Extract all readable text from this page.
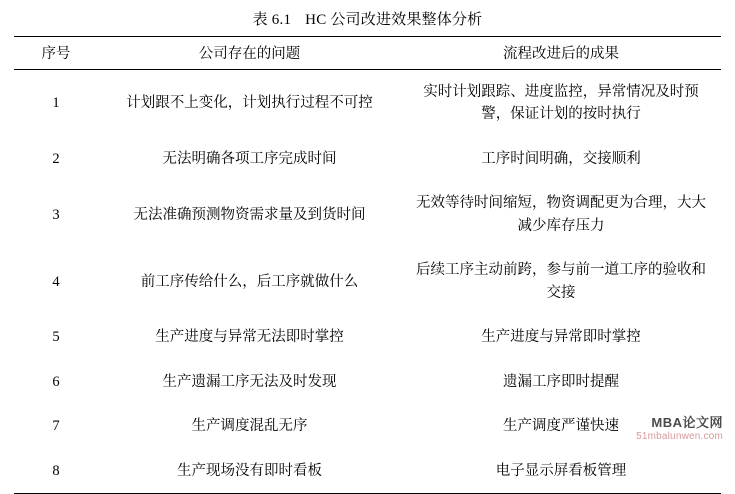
表 6.1 HC 公司改进效果整体分析
序号	公司存在的问题	流程改进后的成果
1	计划跟不上变化，计划执行过程不可控	实时计划跟踪、进度监控，异常情况及时预警，保证计划的按时执行
2	无法明确各项工序完成时间	工序时间明确，交接顺利
3	无法准确预测物资需求量及到货时间	无效等待时间缩短，物资调配更为合理，大大减少库存压力
4	前工序传给什么，后工序就做什么	后续工序主动前跨，参与前一道工序的验收和交接
5	生产进度与异常无法即时掌控	生产进度与异常即时掌控
6	生产遗漏工序无法及时发现	遗漏工序即时提醒
7	生产调度混乱无序	生产调度严谨快速
8	生产现场没有即时看板	电子显示屏看板管理
MBA论文网
51mbalunwen.com
